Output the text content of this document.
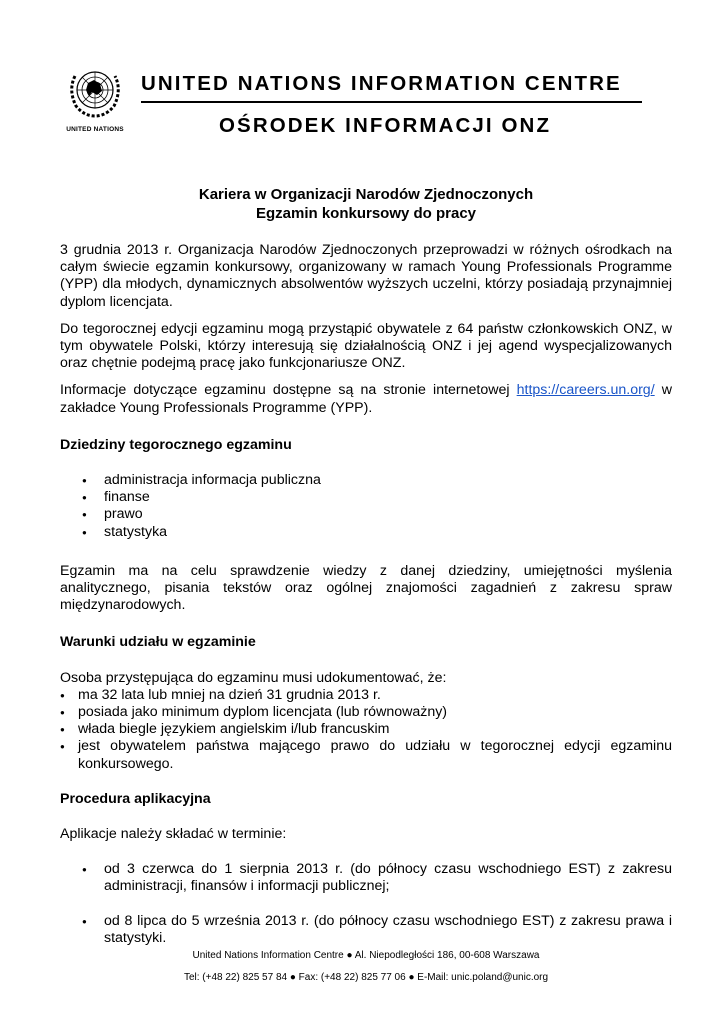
UNITED NATIONS
UNITED NATIONS INFORMATION CENTRE
OŚRODEK INFORMACJI ONZ
Kariera w Organizacji Narodów Zjednoczonych
Egzamin konkursowy do pracy

3 grudnia 2013 r. Organizacja Narodów Zjednoczonych przeprowadzi w różnych ośrodkach na całym świecie egzamin konkursowy, organizowany w ramach Young Professionals Programme (YPP) dla młodych, dynamicznych absolwentów wyższych uczelni, którzy posiadają przynajmniej dyplom licencjata.

Do tegorocznej edycji egzaminu mogą przystąpić obywatele z 64 państw członkowskich ONZ, w tym obywatele Polski, którzy interesują się działalnością ONZ i jej agend wyspecjalizowanych oraz chętnie podejmą pracę jako funkcjonariusze ONZ.

Informacje dotyczące egzaminu dostępne są na stronie internetowej https://careers.un.org/ w zakładce Young Professionals Programme (YPP).

Dziedziny tegorocznego egzaminu

● administracja informacja publiczna
● finanse
● prawo
● statystyka

Egzamin ma na celu sprawdzenie wiedzy z danej dziedziny, umiejętności myślenia analitycznego, pisania tekstów oraz ogólnej znajomości zagadnień z zakresu spraw międzynarodowych.

Warunki udziału w egzaminie

Osoba przystępująca do egzaminu musi udokumentować, że:

● ma 32 lata lub mniej na dzień 31 grudnia 2013 r.
● posiada jako minimum dyplom licencjata (lub równoważny)
● włada biegle językiem angielskim i/lub francuskim
● jest obywatelem państwa mającego prawo do udziału w tegorocznej edycji egzaminu konkursowego.

Procedura aplikacyjna

Aplikacje należy składać w terminie:

● od 3 czerwca do 1 sierpnia 2013 r. (do północy czasu wschodniego EST) z zakresu administracji, finansów i informacji publicznej;
● od 8 lipca do 5 września 2013 r. (do północy czasu wschodniego EST) z zakresu prawa i statystyki.
United Nations Information Centre ● Al. Niepodległości 186, 00-608 Warszawa
Tel: (+48 22) 825 57 84 ● Fax: (+48 22) 825 77 06 ● E-Mail: unic.poland@unic.org
